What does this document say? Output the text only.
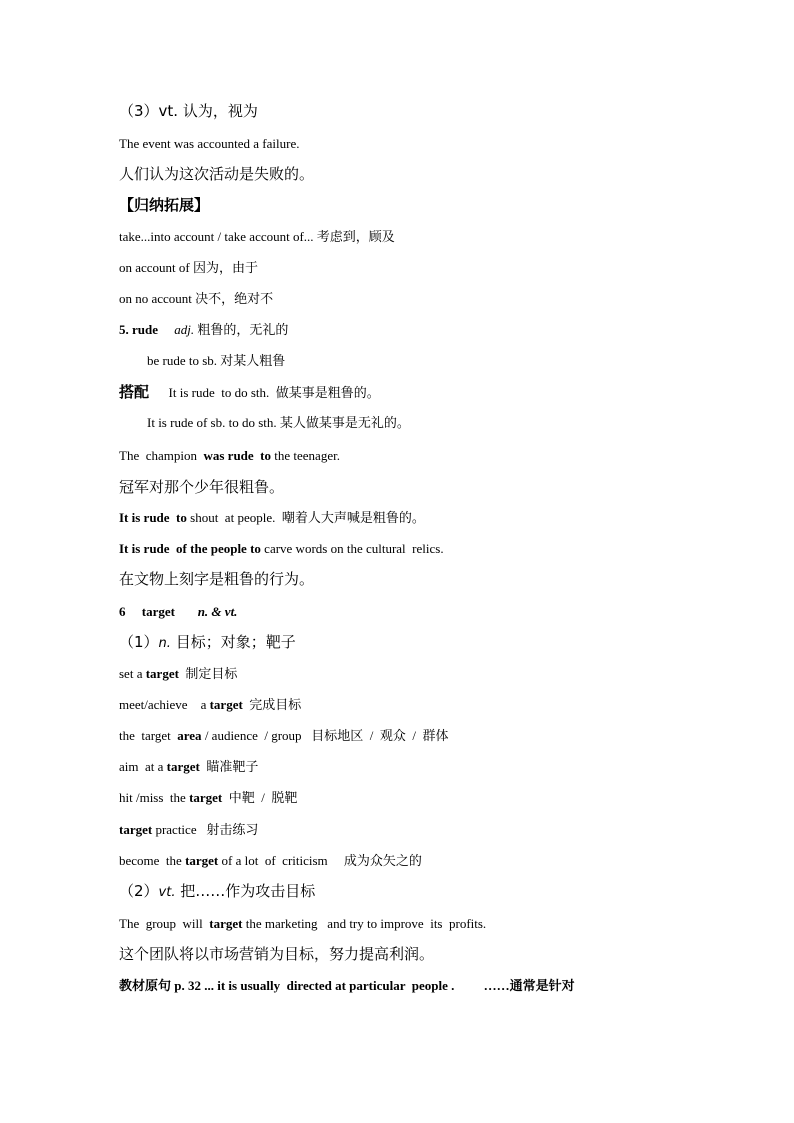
（3）vt. 认为，视为
The event was accounted a failure.
人们认为这次活动是失败的。
【归纳拓展】
take...into account / take account of... 考虑到，顾及
on account of 因为，由于
on no account 决不，绝对不
5. rude adj. 粗鲁的，无礼的
be rude to sb. 对某人粗鲁
搭配      It is rude  to do sth.  做某事是粗鲁的。
It is rude of sb. to do sth. 某人做某事是无礼的。
The  champion  was rude  to the teenager.
冠军对那个少年很粗鲁。
It is rude  to shout  at people.  嘲着人大声喊是粗鲁的。
It is rude  of the people to carve words on the cultural  relics.
在文物上刻字是粗鲁的行为。
6     target n. & vt.
（1）n. 目标；对象；靶子
set a target  制定目标
meet/achieve    a target  完成目标
the  target  area / audience  / group   目标地区  /  观众  /  群体
aim  at a target  瞄准靶子
hit /miss  the target  中靶  /  脱靶
target practice   射击练习
become  the target of a lot  of  criticism     成为众矢之的
（2）vt. 把……作为攻击目标
The  group  will  target the marketing   and try to improve  its  profits.
这个团队将以市场营销为目标，努力提高利润。
教材原句 p. 32 ... it is usually  directed at particular  people .         ……通常是针对
